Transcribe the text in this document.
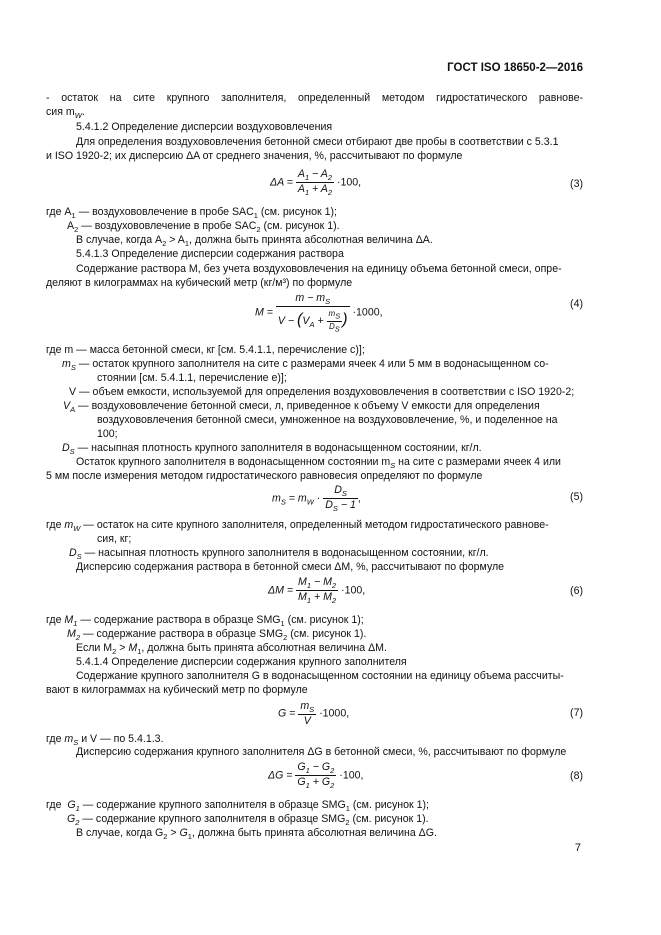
ГОСТ ISO 18650-2—2016
- остаток на сите крупного заполнителя, определенный методом гидростатического равнове-
сия $m_W$.
5.4.1.2 Определение дисперсии воздухововлечения
Для определения воздухововлечения бетонной смеси отбирают две пробы в соответствии с 5.3.1
и ISO 1920-2; их дисперсию ΔA от среднего значения, %, рассчитывают по формуле
$\Delta A = \frac{A_1 - A_2}{A_1 + A_2} \cdot 100$,	(3)
где $A_1$ — воздухововлечение в пробе $SAC_1$ (см. рисунок 1);
$A_2$ — воздухововлечение в пробе $SAC_2$ (см. рисунок 1).
В случае, когда $A_2 > A_1$, должна быть принята абсолютная величина ΔA.
5.4.1.3 Определение дисперсии содержания раствора
Содержание раствора M, без учета воздухововлечения на единицу объема бетонной смеси, опре-
деляют в килограммах на кубический метр (кг/м³) по формуле
$M = \frac{m - m_S}{V - (V_A + \frac{m_S}{D_S} )} \cdot 1000$,
(4)
где m — масса бетонной смеси, кг [см. 5.4.1.1, перечисление с)];
$m_S$ — остаток крупного заполнителя на сите с размерами ячеек 4 или 5 мм в водонасыщенном со-
стоянии [см. 5.4.1.1, перечисление е)];
V — объем емкости, используемой для определения воздухововлечения в соответствии с ISO 1920-2;
$V_A$ — воздухововлечение бетонной смеси, л, приведенное к объему V емкости для определения
воздухововлечения бетонной смеси, умноженное на воздухововлечение, %, и поделенное на
100;
$D_S$ — насыпная плотность крупного заполнителя в водонасыщенном состоянии, кг/л.
Остаток крупного заполнителя в водонасыщенном состоянии $m_S$ на сите с размерами ячеек 4 или
5 мм после измерения методом гидростатического равновесия определяют по формуле
$m_S = m_W \cdot \frac{D_S}{D_S - 1}$ ,	(5)
где $m_W$ — остаток на сите крупного заполнителя, определенный методом гидростатического равнове-
сия, кг;
$D_S$ — насыпная плотность крупного заполнителя в водонасыщенном состоянии, кг/л.
Дисперсию содержания раствора в бетонной смеси ΔM, %, рассчитывают по формуле
$\Delta M = \frac{M_1 - M_2}{M_1 + M_2} \cdot 100$,	(6)
где $M_1$ — содержание раствора в образце $SMG_1$ (см. рисунок 1);
$M_2$ — содержание раствора в образце $SMG_2$ (см. рисунок 1).
Если $M_2 > M_1$, должна быть принята абсолютная величина ΔM.
5.4.1.4 Определение дисперсии содержания крупного заполнителя
Содержание крупного заполнителя G в водонасыщенном состоянии на единицу объема рассчиты-
вают в килограммах на кубический метр по формуле
$G = \frac{m_S}{V} \cdot 1000$,	(7)
где $m_S$ и V — по 5.4.1.3.
Дисперсию содержания крупного заполнителя ΔG в бетонной смеси, %, рассчитывают по формуле
$\Delta G = \frac{G_1 - G_2}{G_1 + G_2} \cdot 100$,	(8)
где  $G_1$ — содержание крупного заполнителя в образце $SMG_1$ (см. рисунок 1);
$G_2$ — содержание крупного заполнителя в образце $SMG_2$ (см. рисунок 1).
В случае, когда $G_2 > G_1$, должна быть принята абсолютная величина ΔG.
7
